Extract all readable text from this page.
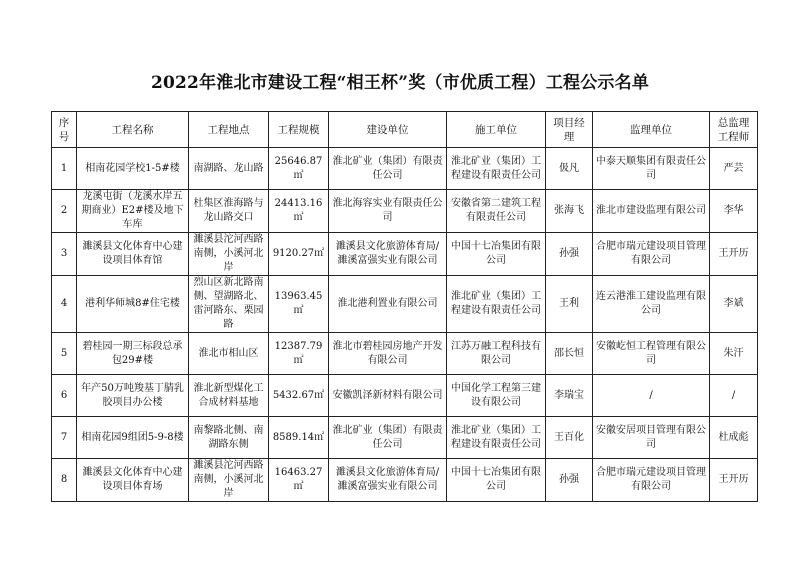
2022年淮北市建设工程“相王杯”奖（市优质工程）工程公示名单
序号	工程名称	工程地点	工程规模	建设单位	施工单位	项目经理	监理单位	总监理工程师
1	相南花园学校1-5#楼	南湖路、龙山路	25646.87㎡	淮北矿业（集团）有限责任公司	淮北矿业（集团）工程建设有限责任公司	伋凡	中泰天顺集团有限责任公司	严芸
2	龙溪屯街（龙溪水岸五期商业）E2#楼及地下车库	杜集区淮海路与龙山路交口	24413.16㎡	淮北海容实业有限责任公司	安徽省第二建筑工程有限责任公司	张海飞	淮北市建设监理有限公司	李华
3	濉溪县文化体育中心建设项目体育馆	濉溪县沱河西路南侧，小溪河北岸	9120.27㎡	濉溪县文化旅游体育局/濉溪富强实业有限公司	中国十七冶集团有限公司	孙强	合肥市瑞元建设项目管理有限公司	王开历
4	港利华师城8#住宅楼	烈山区新北路南侧、望湖路北、雷河路东、栗园路	13963.45㎡	淮北港利置业有限公司	淮北矿业（集团）工程建设有限责任公司	王利	连云港淮工建设监理有限公司	李斌
5	碧桂园一期三标段总承包29#楼	淮北市相山区	12387.79㎡	淮北市碧桂园房地产开发有限公司	江苏万融工程科技有限公司	邵长恒	安徽屹恒工程管理有限公司	朱汗
6	年产50万吨羧基丁腈乳胶项目办公楼	淮北新型煤化工合成材料基地	5432.67㎡	安徽凯泽新材料有限公司	中国化学工程第三建设有限公司	李瑞宝	/	/
7	相南花园9组团5-9-8楼	南黎路北侧、南湖路东侧	8589.14㎡	淮北矿业（集团）有限责任公司	淮北矿业（集团）工程建设有限责任公司	王百化	安徽安居项目管理有限公司	杜成彪
8	濉溪县文化体育中心建设项目体育场	濉溪县沱河西路南侧，小溪河北岸	16463.27㎡	濉溪县文化旅游体育局/濉溪富强实业有限公司	中国十七冶集团有限公司	孙强	合肥市瑞元建设项目管理有限公司	王开历
